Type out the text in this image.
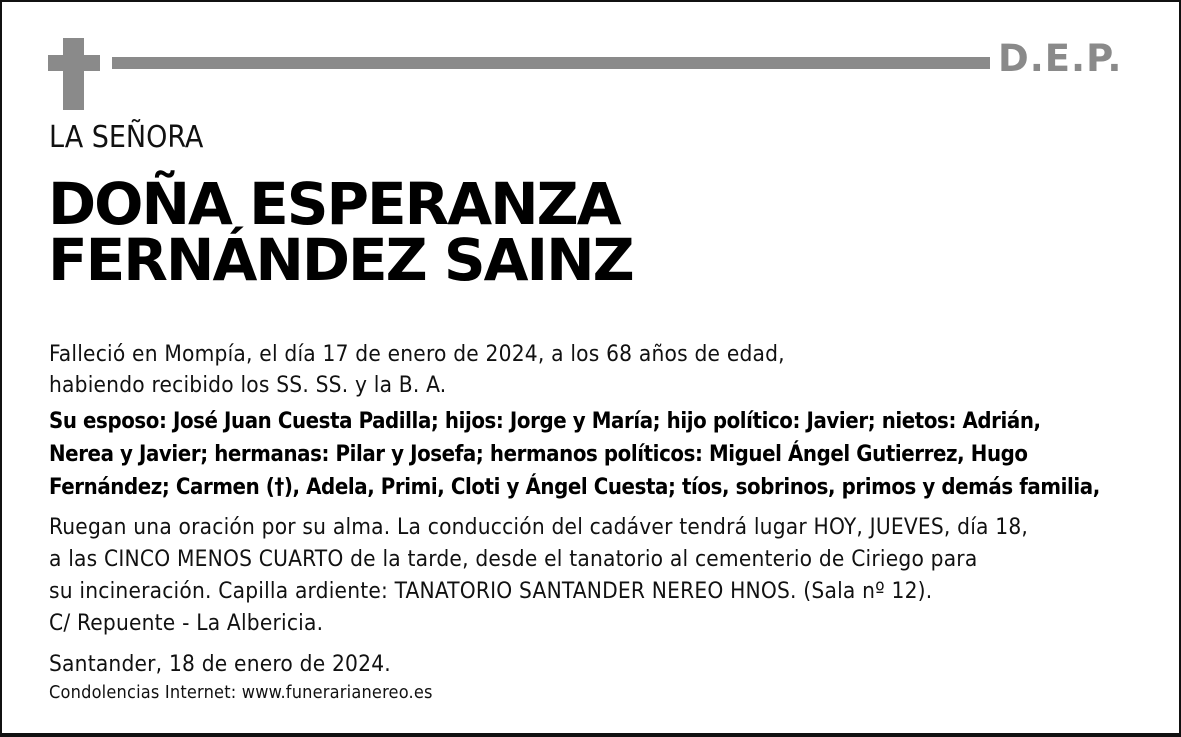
D.E.P.
LA SEÑORA
DOÑA ESPERANZA
FERNÁNDEZ SAINZ
Falleció en Mompía, el día 17 de enero de 2024, a los 68 años de edad,
habiendo recibido los SS. SS. y la B. A.
Su esposo: José Juan Cuesta Padilla; hijos: Jorge y María; hijo político: Javier; nietos: Adrián,
Nerea y Javier; hermanas: Pilar y Josefa; hermanos políticos: Miguel Ángel Gutierrez, Hugo
Fernández; Carmen (†), Adela, Primi, Cloti y Ángel Cuesta; tíos, sobrinos, primos y demás familia,
Ruegan una oración por su alma. La conducción del cadáver tendrá lugar HOY, JUEVES, día 18,
a las CINCO MENOS CUARTO de la tarde, desde el tanatorio al cementerio de Ciriego para
su incineración. Capilla ardiente: TANATORIO SANTANDER NEREO HNOS. (Sala nº 12).
C/ Repuente - La Albericia.
Santander, 18 de enero de 2024.
Condolencias Internet: www.funerarianereo.es
